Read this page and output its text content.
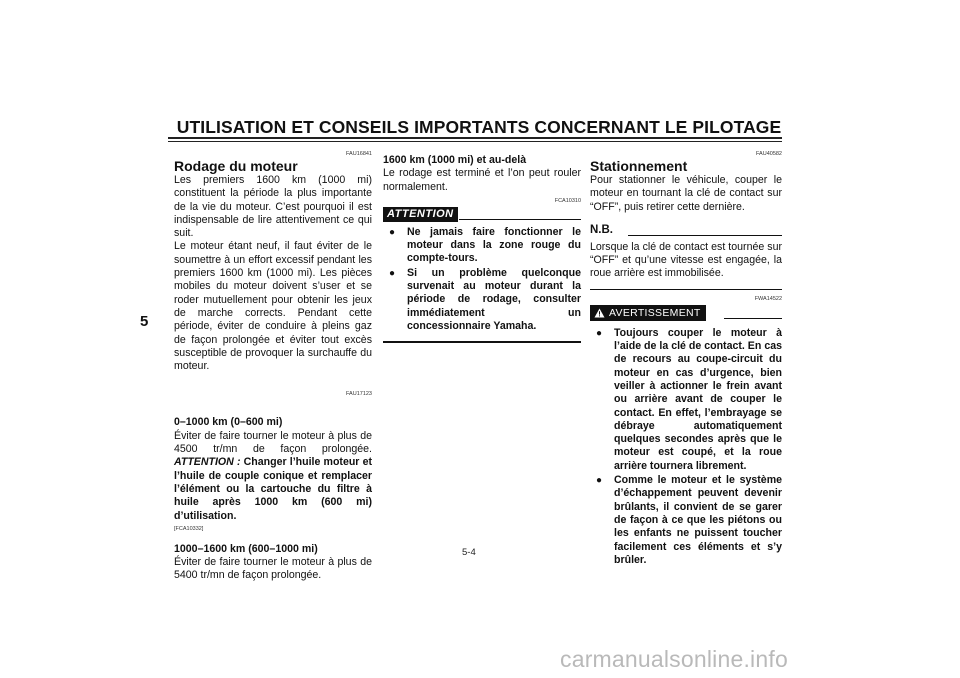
UTILISATION ET CONSEILS IMPORTANTS CONCERNANT LE PILOTAGE
5
FAU16841
Rodage du moteur

Les premiers 1600 km (1000 mi) constituent la période la plus importante de la vie du moteur. C’est pourquoi il est indispensable de lire attentivement ce qui suit.

Le moteur étant neuf, il faut éviter de le soumettre à un effort excessif pendant les premiers 1600 km (1000 mi). Les pièces mobiles du moteur doivent s’user et se roder mutuellement pour obtenir les jeux de marche corrects. Pendant cette période, éviter de conduire à pleins gaz de façon prolongée et éviter tout excès susceptible de provoquer la surchauffe du moteur.

FAU17123
0–1000 km (0–600 mi)

Éviter de faire tourner le moteur à plus de 4500 tr/mn de façon prolongée. ATTENTION : Changer l’huile moteur et l’huile de couple conique et remplacer l’élément ou la cartouche du filtre à huile après 1000 km (600 mi) d’utilisation.

[FCA10332]
1000–1600 km (600–1000 mi)

Éviter de faire tourner le moteur à plus de 5400 tr/mn de façon prolongée.

1600 km (1000 mi) et au-delà

Le rodage est terminé et l’on peut rouler normalement.

FCA10310
ATTENTION
● Ne jamais faire fonctionner le moteur dans la zone rouge du compte-tours.
● Si un problème quelconque survenait au moteur durant la période de rodage, consulter immédiatement un concessionnaire Yamaha.
FAU40582
Stationnement

Pour stationner le véhicule, couper le moteur en tournant la clé de contact sur “OFF”, puis retirer cette dernière.

N.B.

Lorsque la clé de contact est tournée sur “OFF” et qu’une vitesse est engagée, la roue arrière est immobilisée.

FWA14522
AVERTISSEMENT
● Toujours couper le moteur à l’aide de la clé de contact. En cas de recours au coupe-circuit du moteur en cas d’urgence, bien veiller à actionner le frein avant ou arrière avant de couper le contact. En effet, l’embrayage se débraye automatiquement quelques secondes après que le moteur est coupé, et la roue arrière tournera librement.
● Comme le moteur et le système d’échappement peuvent devenir brûlants, il convient de se garer de façon à ce que les piétons ou les enfants ne puissent toucher facilement ces éléments et s’y brûler.
5-4
carmanualsonline.info
